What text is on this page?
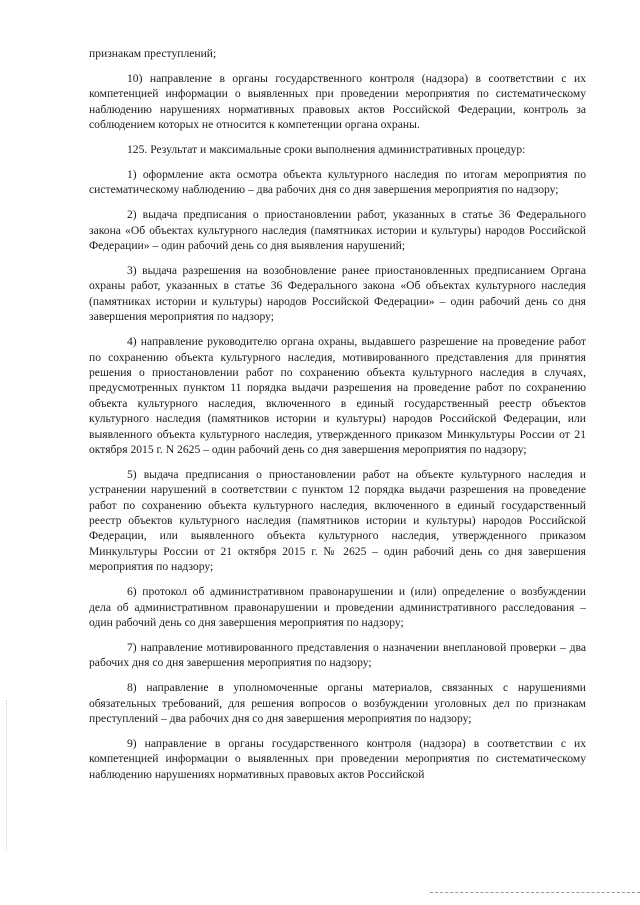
признакам преступлений;

10) направление в органы государственного контроля (надзора) в соответствии с их компетенцией информации о выявленных при проведении мероприятия по систематическому наблюдению нарушениях нормативных правовых актов Российской Федерации, контроль за соблюдением которых не относится к компетенции органа охраны.

125. Результат и максимальные сроки выполнения административных процедур:

1) оформление акта осмотра объекта культурного наследия по итогам мероприятия по систематическому наблюдению – два рабочих дня со дня завершения мероприятия по надзору;

2) выдача предписания о приостановлении работ, указанных в статье 36 Федерального закона «Об объектах культурного наследия (памятниках истории и культуры) народов Российской Федерации» – один рабочий день со дня выявления нарушений;

3) выдача разрешения на возобновление ранее приостановленных предписанием Органа охраны работ, указанных в статье 36 Федерального закона «Об объектах культурного наследия (памятниках истории и культуры) народов Российской Федерации» – один рабочий день со дня завершения мероприятия по надзору;

4) направление руководителю органа охраны, выдавшего разрешение на проведение работ по сохранению объекта культурного наследия, мотивированного представления для принятия решения о приостановлении работ по сохранению объекта культурного наследия в случаях, предусмотренных пунктом 11 порядка выдачи разрешения на проведение работ по сохранению объекта культурного наследия, включенного в единый государственный реестр объектов культурного наследия (памятников истории и культуры) народов Российской Федерации, или выявленного объекта культурного наследия, утвержденного приказом Минкультуры России от 21 октября 2015 г. N 2625 – один рабочий день со дня завершения мероприятия по надзору;

5) выдача предписания о приостановлении работ на объекте культурного наследия и устранении нарушений в соответствии с пунктом 12 порядка выдачи разрешения на проведение работ по сохранению объекта культурного наследия, включенного в единый государственный реестр объектов культурного наследия (памятников истории и культуры) народов Российской Федерации, или выявленного объекта культурного наследия, утвержденного приказом Минкультуры России от 21 октября 2015 г. № 2625 – один рабочий день со дня завершения мероприятия по надзору;

6) протокол об административном правонарушении и (или) определение о возбуждении дела об административном правонарушении и проведении административного расследования – один рабочий день со дня завершения мероприятия по надзору;

7) направление мотивированного представления о назначении внеплановой проверки – два рабочих дня со дня завершения мероприятия по надзору;

8) направление в уполномоченные органы материалов, связанных с нарушениями обязательных требований, для решения вопросов о возбуждении уголовных дел по признакам преступлений – два рабочих дня со дня завершения мероприятия по надзору;

9) направление в органы государственного контроля (надзора) в соответствии с их компетенцией информации о выявленных при проведении мероприятия по систематическому наблюдению нарушениях нормативных правовых актов Российской
